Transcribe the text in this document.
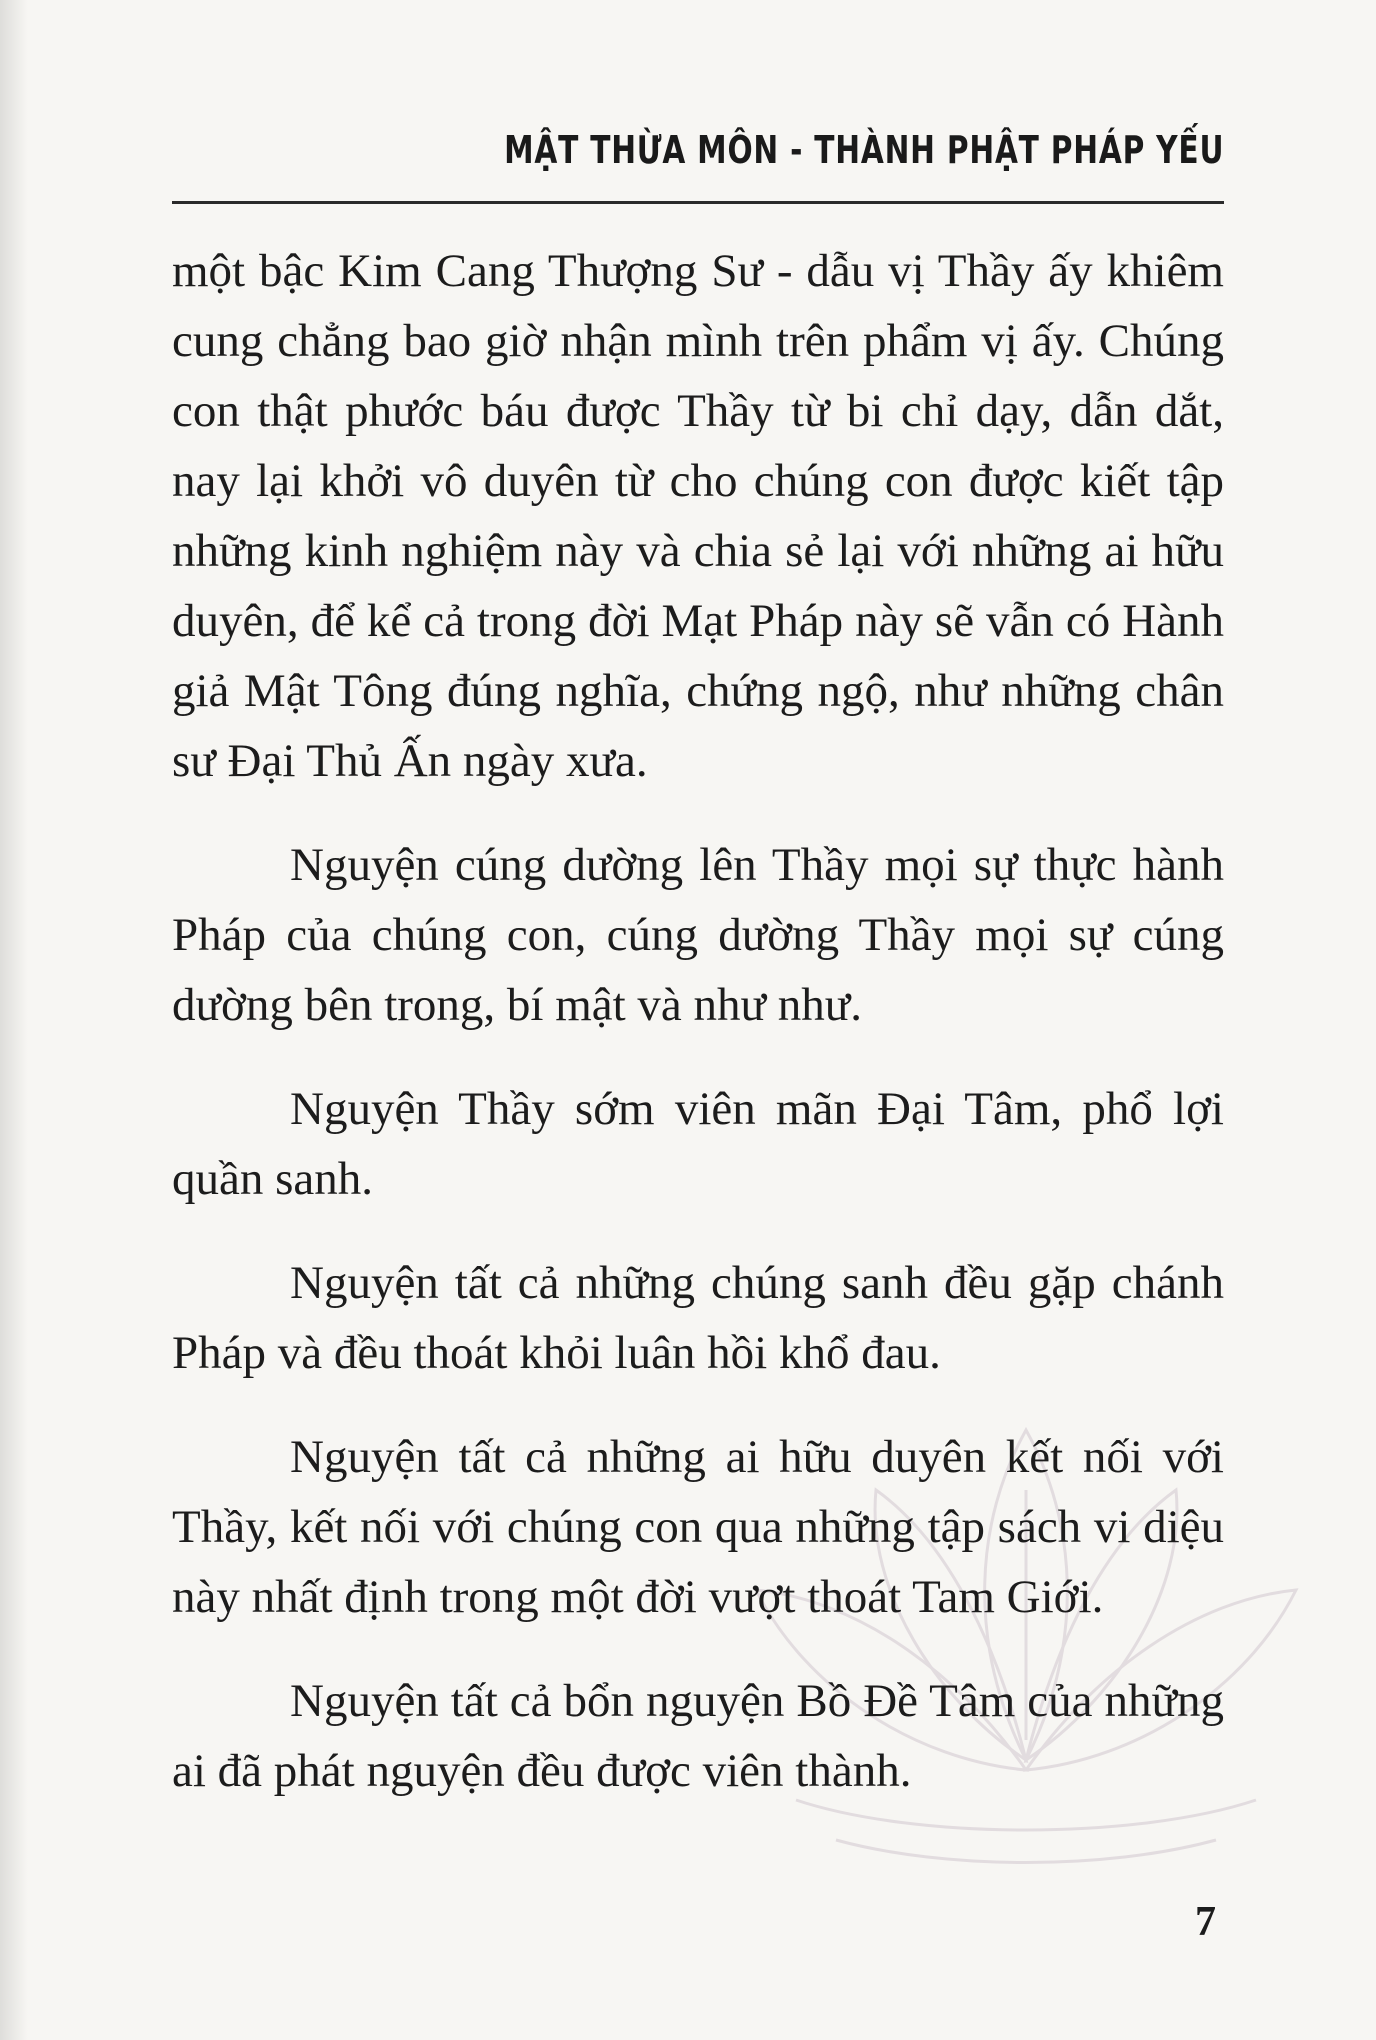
MẬT THỪA MÔN - THÀNH PHẬT PHÁP YẾU

một bậc Kim Cang Thượng Sư - dẫu vị Thầy ấy khiêm cung chẳng bao giờ nhận mình trên phẩm vị ấy. Chúng con thật phước báu được Thầy từ bi chỉ dạy, dẫn dắt, nay lại khởi vô duyên từ cho chúng con được kiết tập những kinh nghiệm này và chia sẻ lại với những ai hữu duyên, để kể cả trong đời Mạt Pháp này sẽ vẫn có Hành giả Mật Tông đúng nghĩa, chứng ngộ, như những chân sư Đại Thủ Ấn ngày xưa.

Nguyện cúng dường lên Thầy mọi sự thực hành Pháp của chúng con, cúng dường Thầy mọi sự cúng dường bên trong, bí mật và như như.

Nguyện Thầy sớm viên mãn Đại Tâm, phổ lợi quần sanh.

Nguyện tất cả những chúng sanh đều gặp chánh Pháp và đều thoát khỏi luân hồi khổ đau.

Nguyện tất cả những ai hữu duyên kết nối với Thầy, kết nối với chúng con qua những tập sách vi diệu này nhất định trong một đời vượt thoát Tam Giới.

Nguyện tất cả bổn nguyện Bồ Đề Tâm của những ai đã phát nguyện đều được viên thành.

7
